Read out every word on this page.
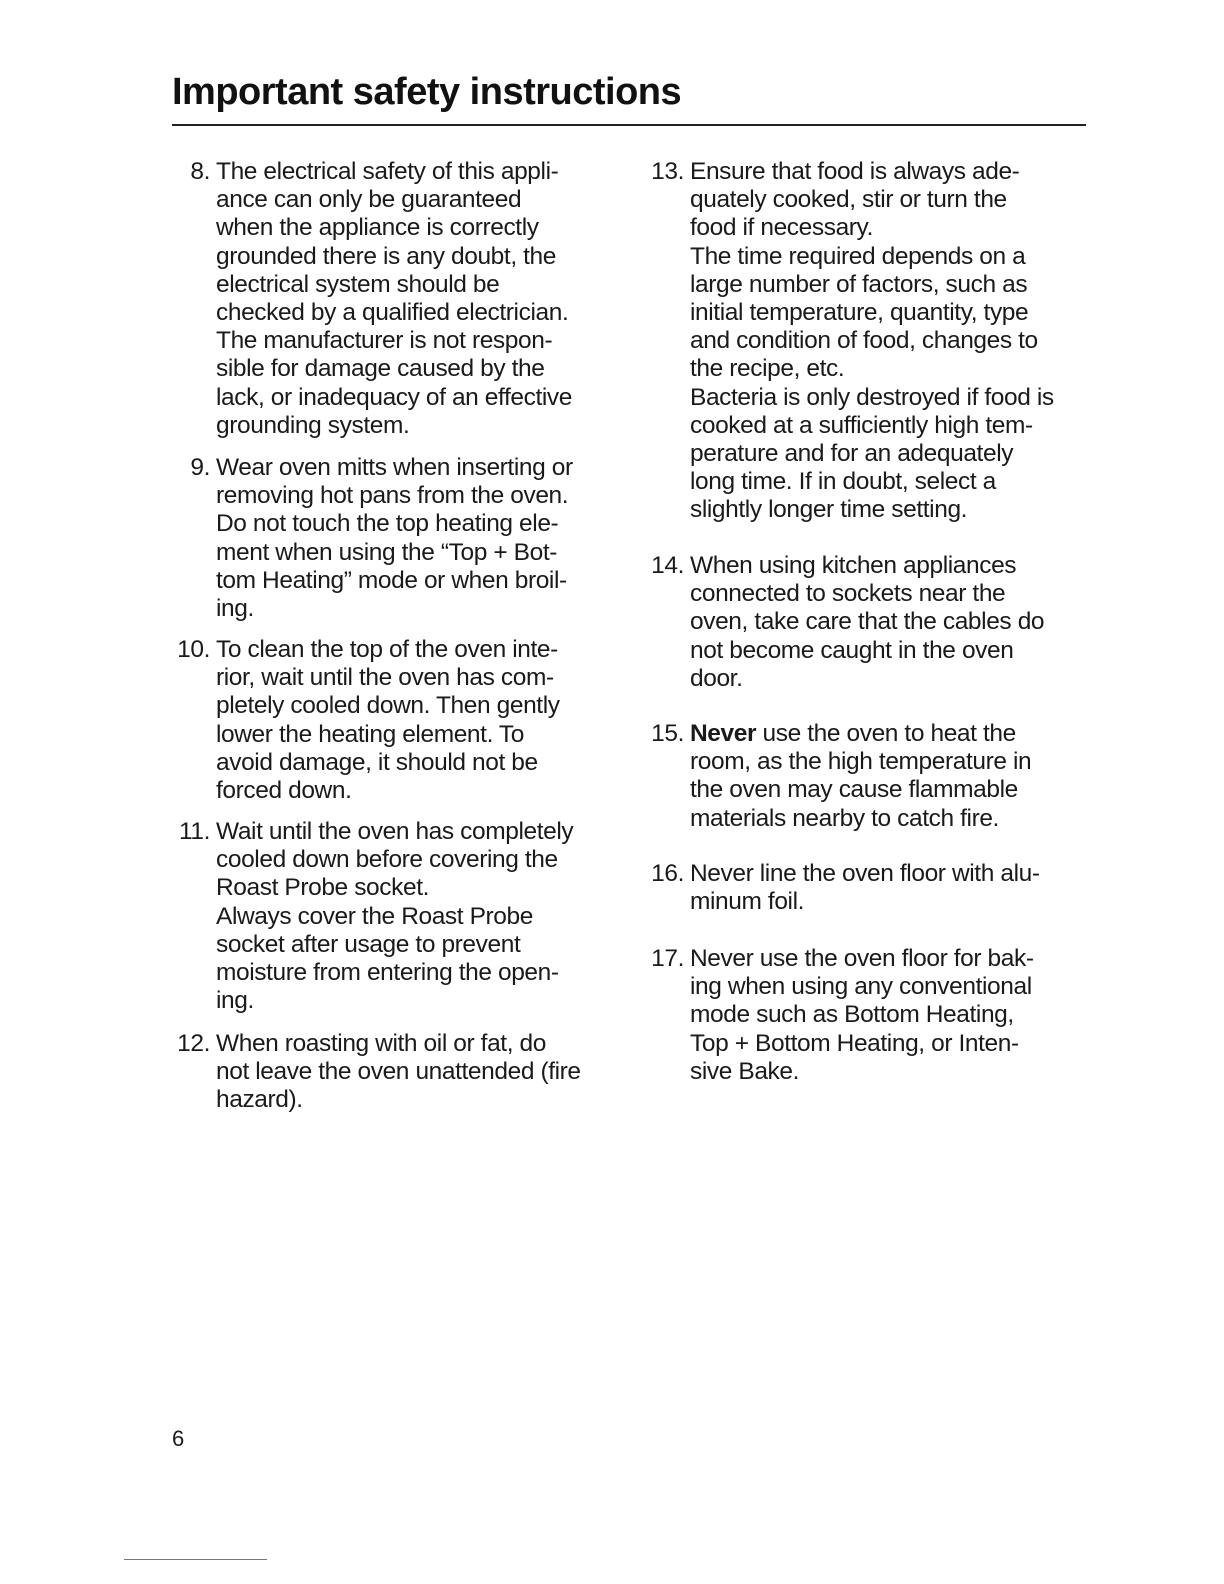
Important safety instructions
8. The electrical safety of this appli-
ance can only be guaranteed
when the appliance is correctly
grounded there is any doubt, the
electrical system should be
checked by a qualified electrician.
The manufacturer is not respon-
sible for damage caused by the
lack, or inadequacy of an effective
grounding system.
9. Wear oven mitts when inserting or
removing hot pans from the oven.
Do not touch the top heating ele-
ment when using the “Top + Bot-
tom Heating” mode or when broil-
ing.
10. To clean the top of the oven inte-
rior, wait until the oven has com-
pletely cooled down. Then gently
lower the heating element. To
avoid damage, it should not be
forced down.
11. Wait until the oven has completely
cooled down before covering the
Roast Probe socket.
Always cover the Roast Probe
socket after usage to prevent
moisture from entering the open-
ing.
12. When roasting with oil or fat, do
not leave the oven unattended (fire
hazard).
13. Ensure that food is always ade-
quately cooked, stir or turn the
food if necessary.
The time required depends on a
large number of factors, such as
initial temperature, quantity, type
and condition of food, changes to
the recipe, etc.
Bacteria is only destroyed if food is
cooked at a sufficiently high tem-
perature and for an adequately
long time. If in doubt, select a
slightly longer time setting.
14. When using kitchen appliances
connected to sockets near the
oven, take care that the cables do
not become caught in the oven
door.
15. Never use the oven to heat the
room, as the high temperature in
the oven may cause flammable
materials nearby to catch fire.
16. Never line the oven floor with alu-
minum foil.
17. Never use the oven floor for bak-
ing when using any conventional
mode such as Bottom Heating,
Top + Bottom Heating, or Inten-
sive Bake.
6
